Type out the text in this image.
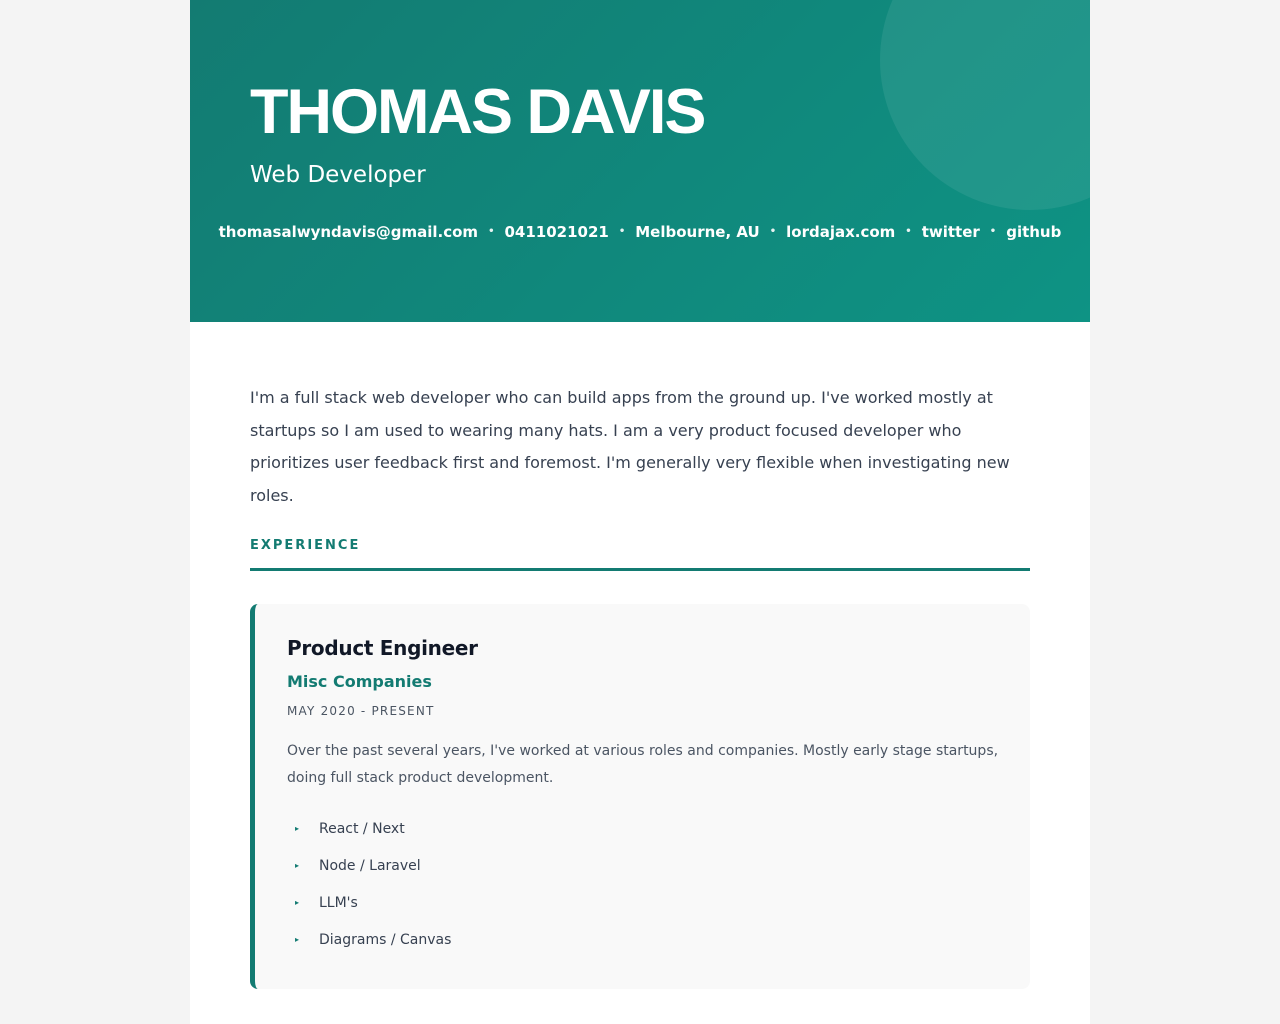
THOMAS DAVIS
Web Developer
thomasalwyndavis@gmail.com • 0411021021 • Melbourne, AU • lordajax.com • twitter • github

I'm a full stack web developer who can build apps from the ground up. I've worked mostly at startups so I am used to wearing many hats. I am a very product focused developer who prioritizes user feedback first and foremost. I'm generally very flexible when investigating new roles.

EXPERIENCE
Product Engineer
Misc Companies
MAY 2020 - PRESENT

Over the past several years, I've worked at various roles and companies. Mostly early stage startups, doing full stack product development.

▸	React / Next
▸	Node / Laravel
▸	LLM's
▸	Diagrams / Canvas
